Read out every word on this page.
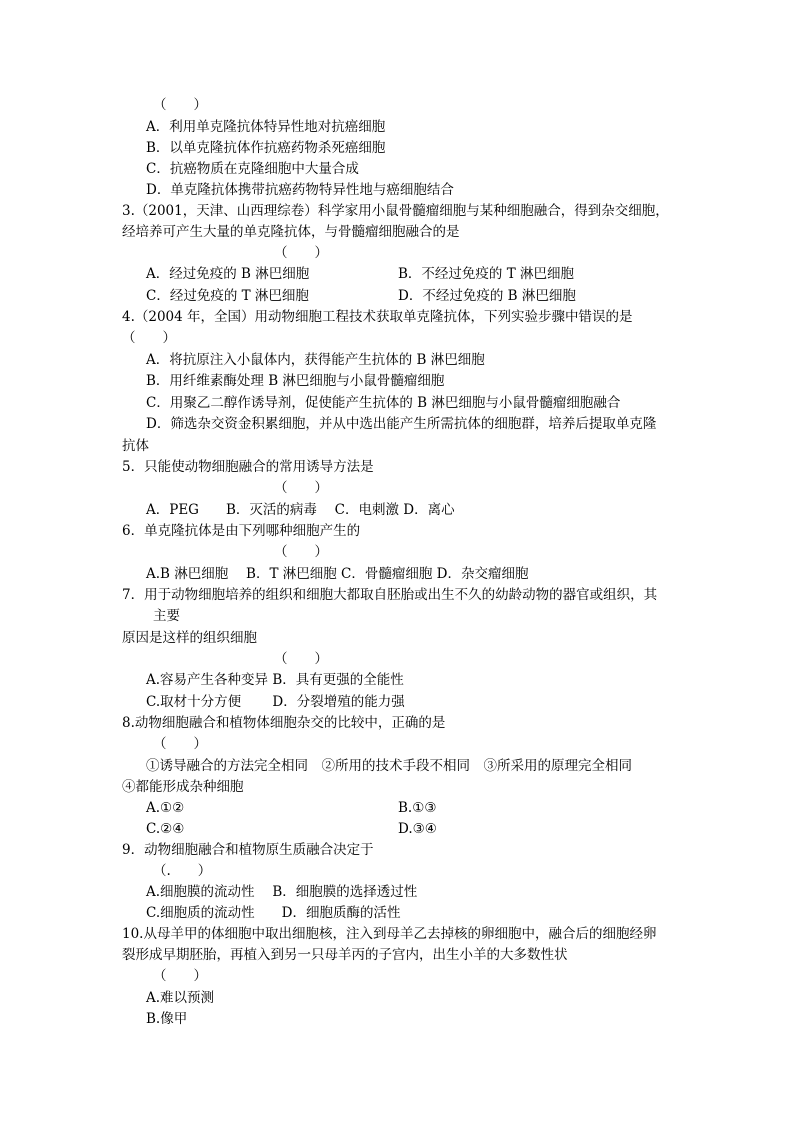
（　　）
A．利用单克隆抗体特异性地对抗癌细胞
B．以单克隆抗体作抗癌药物杀死癌细胞
C．抗癌物质在克隆细胞中大量合成
D．单克隆抗体携带抗癌药物特异性地与癌细胞结合
3.（2001，天津、山西理综卷）科学家用小鼠骨髓瘤细胞与某种细胞融合，得到杂交细胞，
经培养可产生大量的单克隆抗体，与骨髓瘤细胞融合的是
（　　）
A．经过免疫的 B 淋巴细胞	B．不经过免疫的 T 淋巴细胞
C．经过免疫的 T 淋巴细胞	D．不经过免疫的 B 淋巴细胞
4.（2004 年，全国）用动物细胞工程技术获取单克隆抗体，下列实验步骤中错误的是
（　　）
A．将抗原注入小鼠体内，获得能产生抗体的 B 淋巴细胞
B．用纤维素酶处理 B 淋巴细胞与小鼠骨髓瘤细胞
C．用聚乙二醇作诱导剂，促使能产生抗体的 B 淋巴细胞与小鼠骨髓瘤细胞融合
D．筛选杂交资金积累细胞，并从中选出能产生所需抗体的细胞群，培养后提取单克隆
抗体
5．只能使动物细胞融合的常用诱导方法是
（　　）
A．PEG　　B．灭活的病毒　 C．电刺激 D．离心
6．单克隆抗体是由下列哪种细胞产生的
（　　）
A.B 淋巴细胞　 B．T 淋巴细胞 C．骨髓瘤细胞 D．杂交瘤细胞
7．用于动物细胞培养的组织和细胞大都取自胚胎或出生不久的幼龄动物的器官或组织，其
主要
原因是这样的组织细胞
（　　）
A.容易产生各种变异 B．具有更强的全能性
C.取材十分方便　　 D．分裂增殖的能力强
8.动物细胞融合和植物体细胞杂交的比较中，正确的是
（　　）
①诱导融合的方法完全相同　②所用的技术手段不相同　③所采用的原理完全相同
④都能形成杂种细胞
A.①②	B.①③
C.②④	D.③④
9．动物细胞融合和植物原生质融合决定于
（.　　）
A.细胞膜的流动性　 B．细胞膜的选择透过性
C.细胞质的流动性　　D．细胞质酶的活性
10.从母羊甲的体细胞中取出细胞核，注入到母羊乙去掉核的卵细胞中，融合后的细胞经卵
裂形成早期胚胎，再植入到另一只母羊丙的子宫内，出生小羊的大多数性状
（　　）
A.难以预测
B.像甲
